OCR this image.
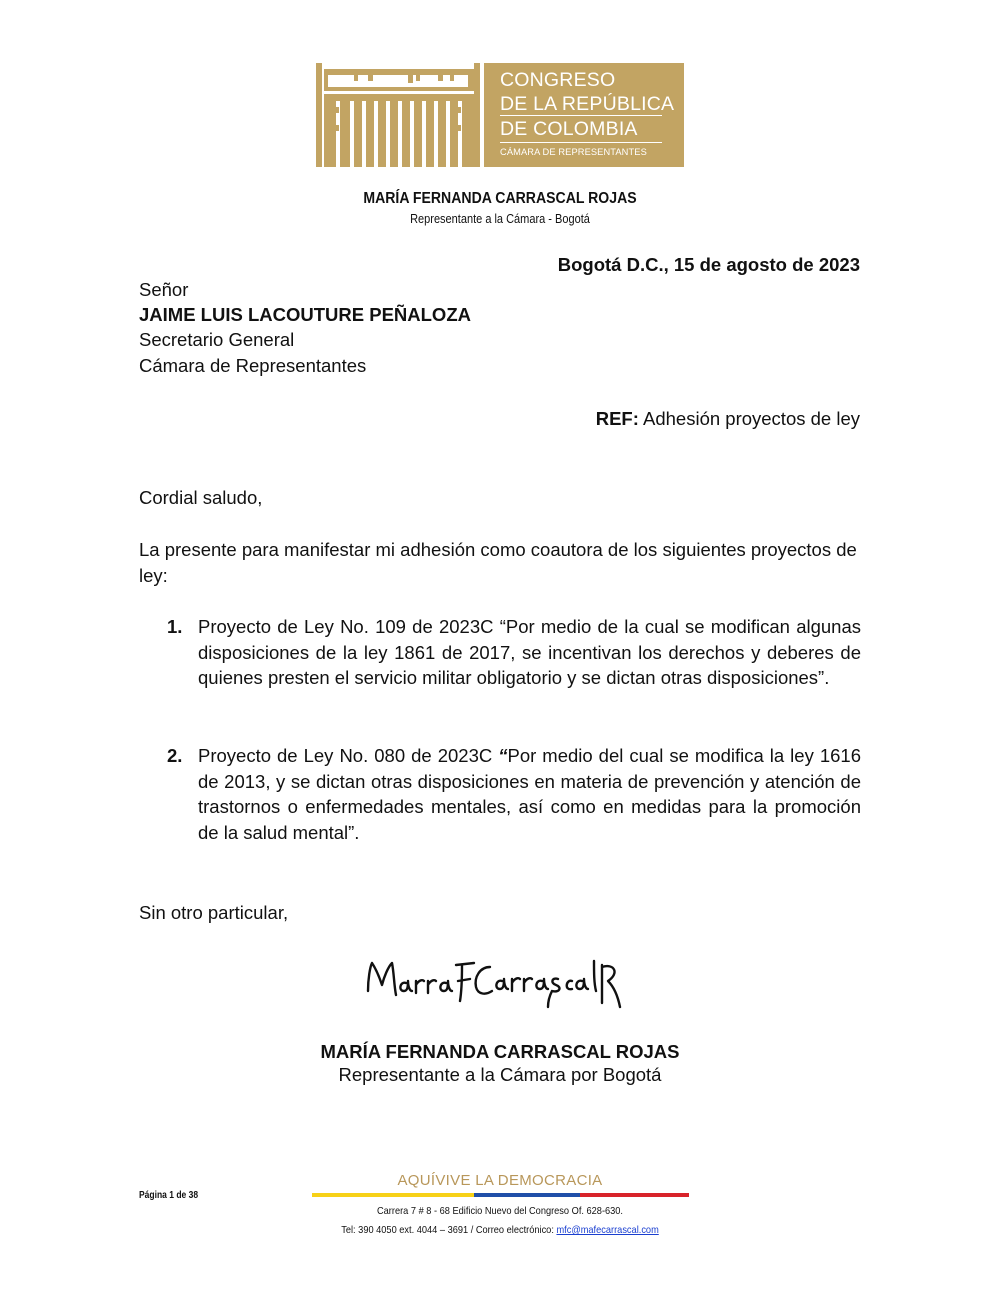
CONGRESO
DE LA REPÚBLICA
DE COLOMBIA
CÁMARA DE REPRESENTANTES
MARÍA FERNANDA CARRASCAL ROJAS
Representante a la Cámara - Bogotá
Bogotá D.C., 15 de agosto de 2023
Señor
JAIME LUIS LACOUTURE PEÑALOZA
Secretario General
Cámara de Representantes
REF: Adhesión proyectos de ley
Cordial saludo,
La presente para manifestar mi adhesión como coautora de los siguientes proyectos de ley:
1. Proyecto de Ley No. 109 de 2023C “Por medio de la cual se modifican algunas disposiciones de la ley 1861 de 2017, se incentivan los derechos y deberes de quienes presten el servicio militar obligatorio y se dictan otras disposiciones”.
2. Proyecto de Ley No. 080 de 2023C “Por medio del cual se modifica la ley 1616 de 2013, y se dictan otras disposiciones en materia de prevención y atención de trastornos o enfermedades mentales, así como en medidas para la promoción de la salud mental”.
Sin otro particular,
MARÍA FERNANDA CARRASCAL ROJAS
Representante a la Cámara por Bogotá
Página 1 de 38
AQUÍVIVE LA DEMOCRACIA
Carrera 7 # 8 - 68 Edificio Nuevo del Congreso Of. 628-630.
Tel: 390 4050 ext. 4044 – 3691 / Correo electrónico: mfc@mafecarrascal.com
